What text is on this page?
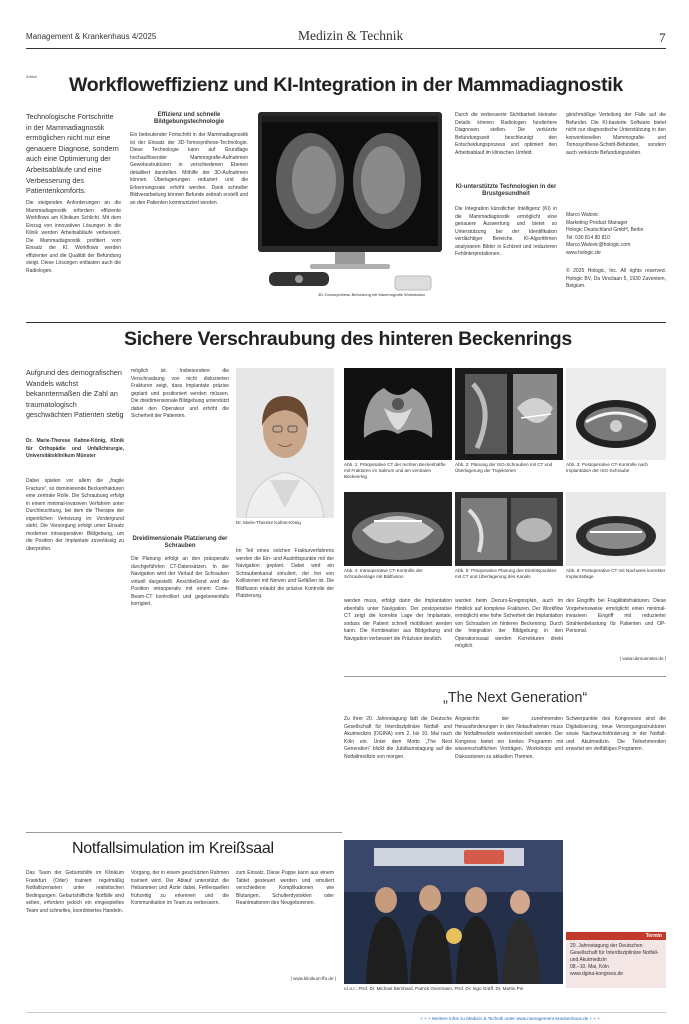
Management & Krankenhaus 4/2025	Medizin & Technik	7
Artikel Workfloweffizienz und KI-Integration in der Mammadiagnostik
Technologische Fortschritte in der Mammadiagnostik ermöglichen nicht nur eine genauere Diagnose, sondern auch eine Optimierung der Arbeitsabläufe und eine Verbesserung des Patientenkomforts.
Die steigenden Anforderungen an die Mammadiagnostik erfordern effiziente Workflows am Klinikum Schlicht. Mit dem Einzug von innovativen Lösungen in die Klinik werden Arbeitsabläufe verbessert. Die Mammadiagnostik profitiert vom Einsatz der KI, Workflows werden effizienter und die Qualität der Befundung steigt. Diese Lösungen entlasten auch die Radiologen.
Effizienz und schnelle Bildgebungstechnologie
Ein bedeutender Fortschritt in der Mammadiagnostik ist der Einsatz der 3D-Tomosynthese-Technologie. Diese Technologie kann auf Grundlage hochauflösender Mammografie-Aufnahmen Gewebestrukturen in verschiedenen Ebenen detailliert darstellen. Mithilfe der 3D-Aufnahmen können Überlagerungen reduziert und die Erkennungsrate erhöht werden. Dank schneller Bildverarbeitung können Befunde zeitnah erstellt und an den Patienten kommuniziert werden.
3D-Tomosynthese-Befundung mit Mammografie Workstation
Durch die verbesserte Sichtbarkeit kleinster Details können Radiologen fundiertere Diagnosen stellen. Die verkürzte Befundungszeit beschleunigt den Entscheidungsprozess und optimiert den Arbeitsablauf im klinischen Umfeld.
KI-unterstützte Technologien in der Brustgesundheit
Die Integration künstlicher Intelligenz (KI) in die Mammadiagnostik ermöglicht eine genauere Auswertung und bietet so Unterstützung bei der Identifikation verdächtiger Bereiche. KI-Algorithmen analysieren Bilder in Echtzeit und reduzieren Fehlinterpretationen.
gleichmäßige Verteilung der Fälle auf die Befunder. Die KI-basierte Software bietet nicht nur diagnostische Unterstützung in den konventionellen Mammografie- und Tomosynthese-Schnitt-Befunden, sondern auch verkürzte Befundungszeiten.
Marco Walovic
Marketing Product Manager
Hologic Deutschland GmbH, Berlin
Tel: 030 814 80 810
Marco.Walovic@hologic.com
www.hologic.de
© 2025 Hologic, Inc. All rights reserved. Hologic BV, Da Vincilaan 5, 1930 Zaventem, Belgium.
Sichere Verschraubung des hinteren Beckenrings
Aufgrund des demografischen Wandels wächst bekanntermaßen die Zahl an traumatologisch geschwächten Patienten stetig
Dr. Marie-Therese Kahne-König, Klinik für Orthopädie und Unfallchirurgie, Universitätsklinikum Münster
Dabei spielen vor allem die „fragile Fracture“, so dominierende Beckenfrakturen eine zentrale Rolle. Die Schraubung erfolgt in einem minimal-invasiven Verfahren unter Durchleuchtung, bei dem die Therapie der eigentlichen Verletzung im Vordergrund steht. Die Versorgung erfolgt unter Einsatz moderner intraoperativer Bildgebung, um die Position der Implantate zuverlässig zu überprüfen.
möglich ist. Insbesondere die Verschraubung von nicht dislozierten Frakturen zeigt, dass Implantate präzise geplant und positioniert werden müssen. Die dreidimensionale Bildgebung unterstützt dabei den Operateur und erhöht die Sicherheit der Patienten.
Dr. Marie-Therese Kahne-König
Dreidimensionale Platzierung der Schrauben
Die Planung erfolgt an den präoperativ durchgeführten CT-Datensätzen. In der Navigation wird der Verlauf der Schrauben virtuell dargestellt. Anschließend wird die Position intraoperativ mit einem Cone-Beam-CT kontrolliert und gegebenenfalls korrigiert.
Im Teil eines solchen Frakturverfahrens werden die Ein- und Austrittspunkte mit der Navigation geplant. Dabei wird ein Schraubenkanal simuliert, der frei von Kollisionen mit Nerven und Gefäßen ist. Die Bildfusion erlaubt die präzise Kontrolle der Platzierung.
Abb. 1: Präoperative CT der rechten Beckenhälfte mit Frakturen im Sakrum und am ventralen Beckenring
Abb. 2: Planung der ISG-Schrauben mit CT und Überlagerung der Trajektorien
Abb. 3: Postoperative CT-Kontrolle nach Implantation der ISG-Schraube
Abb. 4: Intraoperative CT-Kontrolle der Schraubenlage mit Bildfusion
Abb. 5: Präoperative Planung des Eintrittspunktes mit CT und Überlagerung des Kanals
Abb. 6: Postoperative CT mit Nachweis korrekter Implantatlage
werden muss, erfolgt dann die Implantation ebenfalls unter Navigation. Der postoperative CT zeigt die korrekte Lage der Implantate, sodass der Patient schnell mobilisiert werden kann. Die Kombination aus Bildgebung und Navigation verbessert die Präzision deutlich.
wurden beim Decurs-Ereignisplan, auch im Hinblick auf komplexe Frakturen. Der Workflow ermöglicht eine hohe Sicherheit der Implantation von Schrauben im hinteren Beckenring. Durch die Integration der Bildgebung in den Operationssaal werden Korrekturen direkt möglich.
des Eingriffs bei Fragilitätsfrakturen. Diese Vorgehensweise ermöglicht einen minimal-invasiven Eingriff mit reduzierter Strahlenbelastung für Patienten und OP-Personal.
| www.ukmuenster.de |
„The Next Generation“
Zu ihrer 20. Jahrestagung lädt die Deutsche Gesellschaft für Interdisziplinäre Notfall- und Akutmedizin (DGINA) vom 2. bis 10. Mai nach Köln ein. Unter dem Motto „The Next Generation“ blickt die Jubiläumstagung auf die Notfallmedizin von morgen.
Angesichts der zunehmenden Herausforderungen in den Notaufnahmen muss die Notfallmedizin weiterentwickelt werden. Der Kongress bietet ein breites Programm mit wissenschaftlichen Vorträgen, Workshops und Diskussionen zu aktuellen Themen.
Schwerpunkte des Kongresses sind die Digitalisierung, neue Versorgungsstrukturen sowie Nachwuchsförderung in der Notfall- und Akutmedizin. Die Teilnehmenden erwartet ein vielfältiges Programm.
Notfallsimulation im Kreißsaal
Das Team der Geburtshilfe im Klinikum Frankfurt (Oder) trainiert regelmäßig Notfallszenarien unter realistischen Bedingungen. Geburtshilfliche Notfälle sind selten, erfordern jedoch ein eingespieltes Team und schnelles, koordiniertes Handeln.
Vorgang, der in einem geschützten Rahmen trainiert wird. Der Ablauf unterstützt die Hebammen und Ärzte dabei, Fehlerquellen frühzeitig zu erkennen und die Kommunikation im Team zu verbessern.
zum Einsatz. Diese Puppe kann aus einem Tablet gesteuert werden und simuliert verschiedene Komplikationen wie Blutungen, Schulterdystokien oder Reanimationen des Neugeborenen.
| www.klinikum-ffo.de |
v.l.n.r.: Prof. Dr. Michael Bernhard, Patrick Overmann, Prof. Dr. Ingo Gräff, Dr. Martin Pin
Termin
20. Jahrestagung der Deutschen Gesellschaft für Interdisziplinäre Notfall- und Akutmedizin
08.–10. Mai, Köln
www.dgina-kongress.de
+ + + Weitere Infos zu Medizin & Technik unter www.management-krankenhaus.de + + +
